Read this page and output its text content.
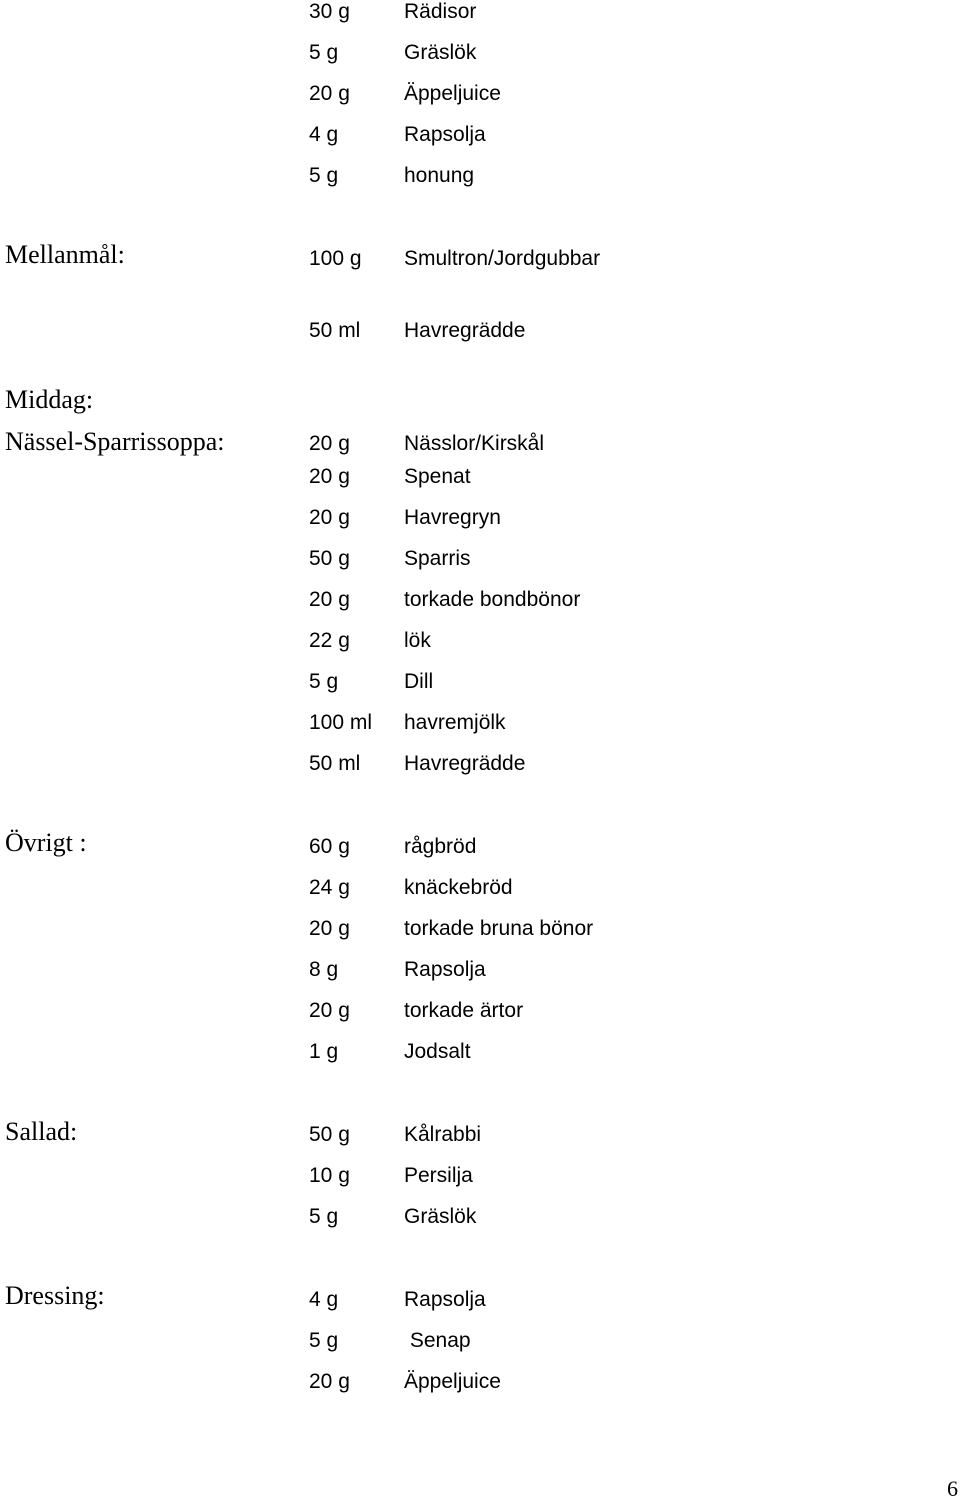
30 g	Rädisor
5 g	Gräslök
20 g	Äppeljuice
4 g	Rapsolja
5 g	honung
Mellanmål:	100 g Smultron/Jordgubbar
50 ml Havregrädde
Middag:
Nässel-Sparrissoppa:	20 g	Nässlor/Kirskål
20 g	Spenat
20 g	Havregryn
50 g	Sparris
20 g	torkade bondbönor
22 g	lök
5 g	Dill
100 ml havremjölk
50 ml Havregrädde
Övrigt :	60 g	rågbröd
24 g	knäckebröd
20 g	torkade bruna bönor
8 g	Rapsolja
20 g	torkade ärtor
1 g	Jodsalt
Sallad:	50 g	Kålrabbi
10 g	Persilja
5 g	Gräslök
Dressing:	4 g	Rapsolja
5 g	Senap
20 g	Äppeljuice
6
